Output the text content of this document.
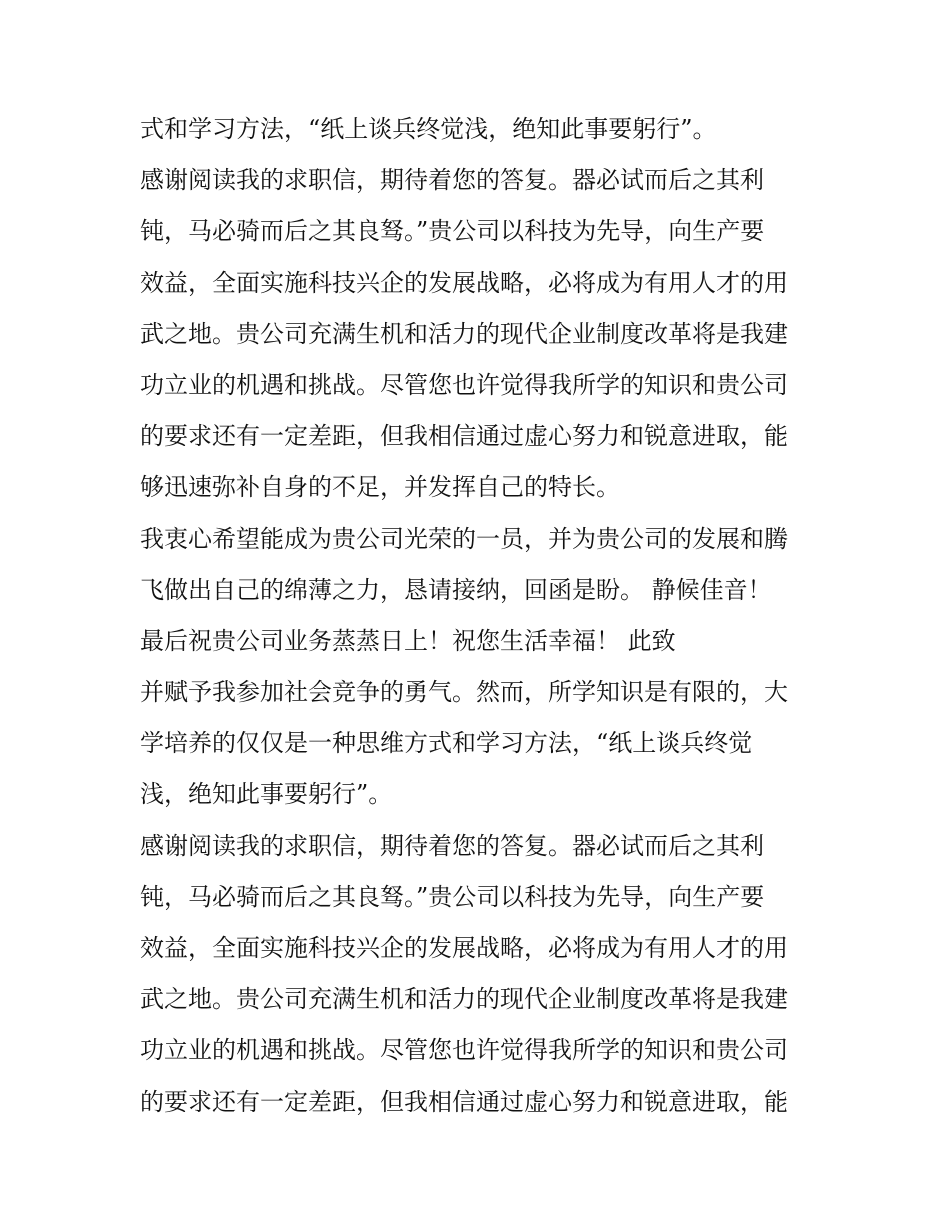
式和学习方法，“纸上谈兵终觉浅，绝知此事要躬行”。

感谢阅读我的求职信，期待着您的答复。器必试而后之其利

钝，马必骑而后之其良驽。”贵公司以科技为先导，向生产要

效益，全面实施科技兴企的发展战略，必将成为有用人才的用

武之地。贵公司充满生机和活力的现代企业制度改革将是我建

功立业的机遇和挑战。尽管您也许觉得我所学的知识和贵公司

的要求还有一定差距，但我相信通过虚心努力和锐意进取，能

够迅速弥补自身的不足，并发挥自己的特长。

我衷心希望能成为贵公司光荣的一员，并为贵公司的发展和腾

飞做出自己的绵薄之力，恳请接纳，回函是盼。 静候佳音！

最后祝贵公司业务蒸蒸日上！祝您生活幸福！ 此致

并赋予我参加社会竞争的勇气。然而，所学知识是有限的，大

学培养的仅仅是一种思维方式和学习方法，“纸上谈兵终觉

浅，绝知此事要躬行”。

感谢阅读我的求职信，期待着您的答复。器必试而后之其利

钝，马必骑而后之其良驽。”贵公司以科技为先导，向生产要

效益，全面实施科技兴企的发展战略，必将成为有用人才的用

武之地。贵公司充满生机和活力的现代企业制度改革将是我建

功立业的机遇和挑战。尽管您也许觉得我所学的知识和贵公司

的要求还有一定差距，但我相信通过虚心努力和锐意进取，能
